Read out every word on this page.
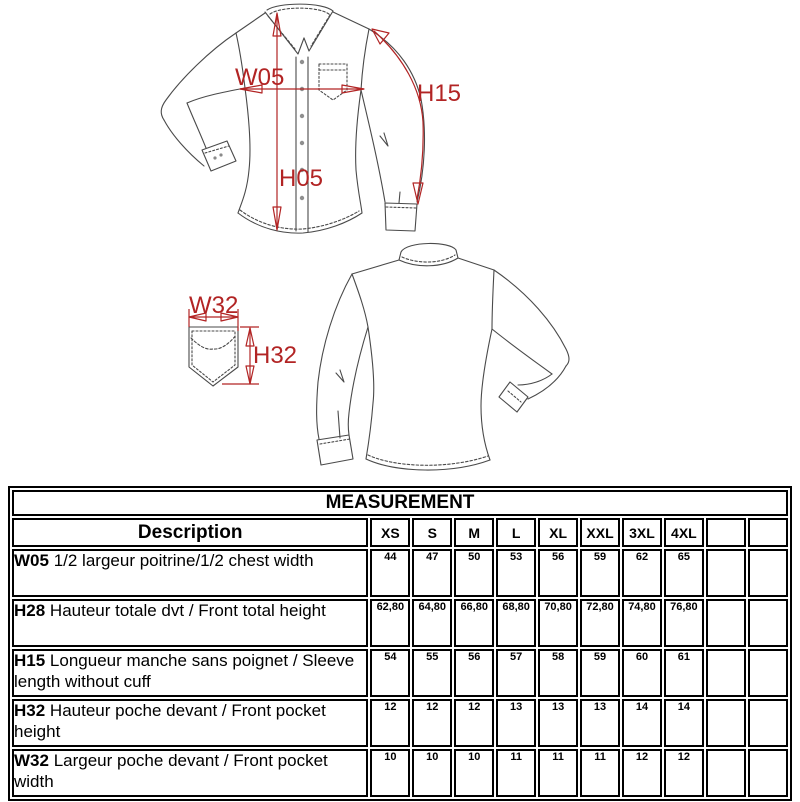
W05
H05
H15
W32
H32
MEASUREMENT										
Description	XS	S	M	L	XL	XXL	3XL	4XL		
W05 1/2 largeur poitrine/1/2 chest width	44	47	50	53	56	59	62	65		
H28 Hauteur totale dvt / Front total height	62,80	64,80	66,80	68,80	70,80	72,80	74,80	76,80		
H15 Longueur manche sans poignet / Sleeve length without cuff	54	55	56	57	58	59	60	61		
H32 Hauteur poche devant / Front pocket height	12	12	12	13	13	13	14	14		
W32 Largeur poche devant / Front pocket width	10	10	10	11	11	11	12	12		
